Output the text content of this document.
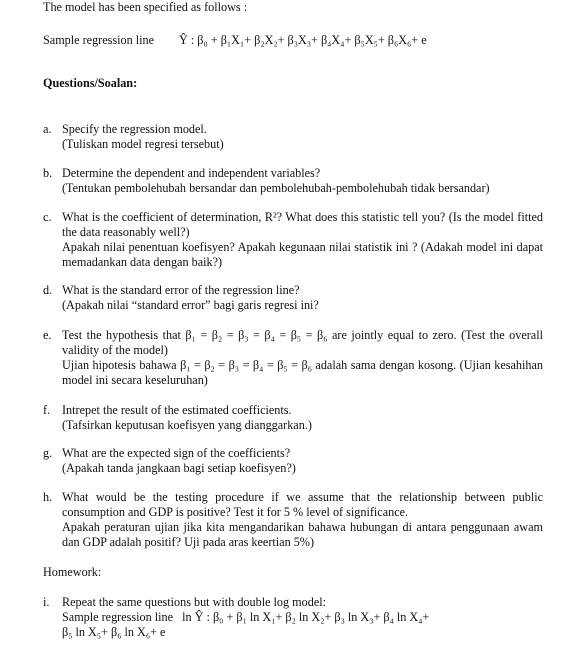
The model has been specified as follows :
Sample regression line Ŷ : β₀ + β₁X₁+ β₂X₂+ β₃X₃+ β₄X₄+ β₅X₅+ β₆X₆+ e
Questions/Soalan:
a. Specify the regression model.

(Tuliskan model regresi tersebut)

b. Determine the dependent and independent variables?

(Tentukan pembolehubah bersandar dan pembolehubah-pembolehubah tidak bersandar)

c. What is the coefficient of determination, R²? What does this statistic tell you? (Is the model fitted the data reasonably well?)

Apakah nilai penentuan koefisyen? Apakah kegunaan nilai statistik ini ? (Adakah model ini dapat memadankan data dengan baik?)

d. What is the standard error of the regression line?

(Apakah nilai “standard error” bagi garis regresi ini?

e. Test the hypothesis that β₁ = β₂ = β₃ = β₄ = β₅ = β₆ are jointly equal to zero. (Test the overall validity of the model)

Ujian hipotesis bahawa β₁ = β₂ = β₃ = β₄ = β₅ = β₆ adalah sama dengan kosong. (Ujian kesahihan model ini secara keseluruhan)

f. Intrepet the result of the estimated coefficients.

(Tafsirkan keputusan koefisyen yang dianggarkan.)

g. What are the expected sign of the coefficients?

(Apakah tanda jangkaan bagi setiap koefisyen?)

h. What would be the testing procedure if we assume that the relationship between public consumption and GDP is positive? Test it for 5 % level of significance.

Apakah peraturan ujian jika kita mengandarikan bahawa hubungan di antara penggunaan awam dan GDP adalah positif? Uji pada aras keertian 5%)

Homework:
i. Repeat the same questions but with double log model:

Sample regression line ln Ŷ : β₀ + β₁ ln X₁+ β₂ ln X₂+ β₃ ln X₃+ β₄ ln X₄+

β₅ ln X₅+ β₆ ln X₆+ e
